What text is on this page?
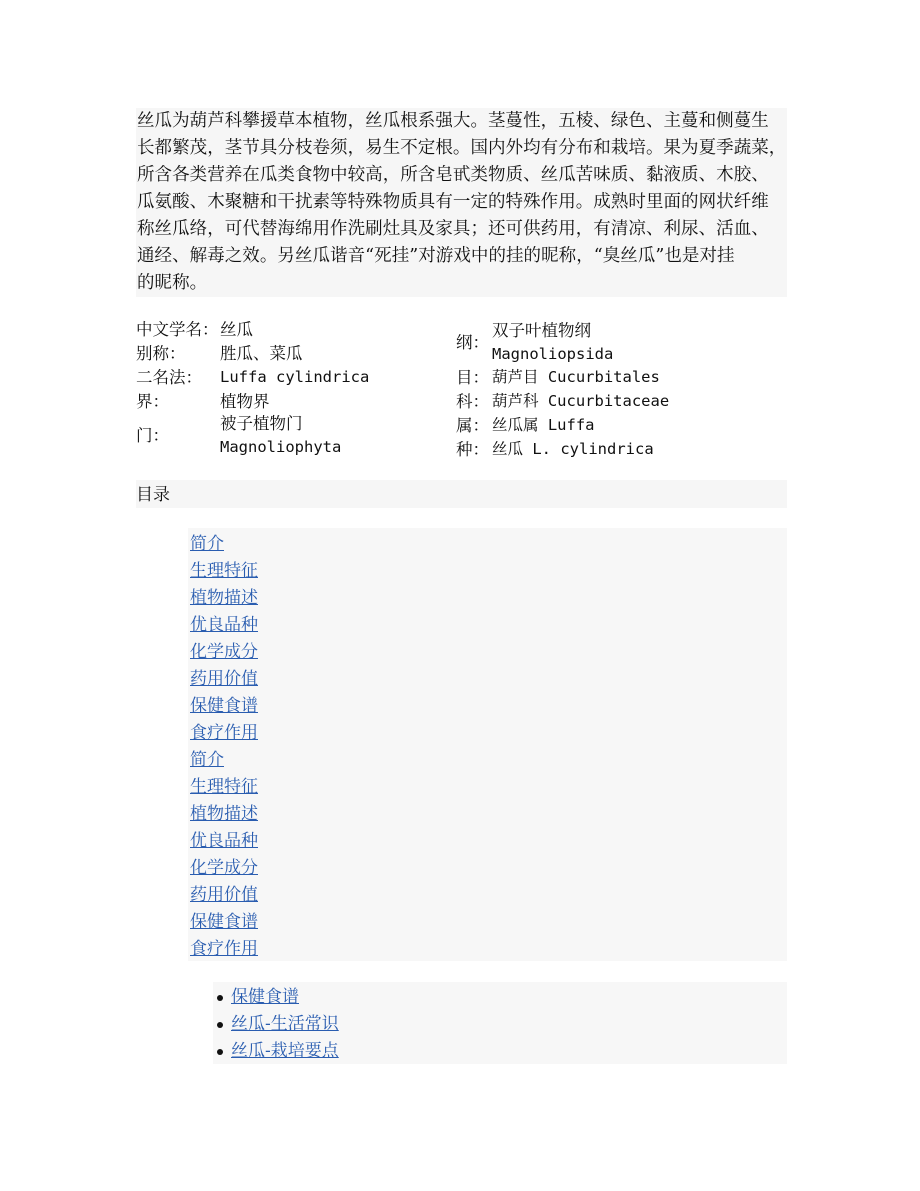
丝瓜为葫芦科攀援草本植物，丝瓜根系强大。茎蔓性，五棱、绿色、主蔓和侧蔓生

长都繁茂，茎节具分枝卷须，易生不定根。国内外均有分布和栽培。果为夏季蔬菜，

所含各类营养在瓜类食物中较高，所含皂甙类物质、丝瓜苦味质、黏液质、木胶、

瓜氨酸、木聚糖和干扰素等特殊物质具有一定的特殊作用。成熟时里面的网状纤维

称丝瓜络，可代替海绵用作洗刷灶具及家具；还可供药用，有清凉、利尿、活血、

通经、解毒之效。另丝瓜谐音“死挂”对游戏中的挂的昵称，“臭丝瓜”也是对挂

的昵称。

中文学名： 丝瓜
别称： 胜瓜、菜瓜
二名法： Luffa cylindrica
界：	植物界
门：
被子植物门
Magnoliophyta
纲：
双子叶植物纲
Magnoliopsida
目： 葫芦目 Cucurbitales
科： 葫芦科 Cucurbitaceae
属： 丝瓜属 Luffa
种： 丝瓜 L. cylindrica
目录
简介
生理特征
植物描述
优良品种
化学成分
药用价值
保健食谱
食疗作用
简介
生理特征
植物描述
优良品种
化学成分
药用价值
保健食谱
食疗作用
保健食谱
丝瓜-生活常识
丝瓜-栽培要点
